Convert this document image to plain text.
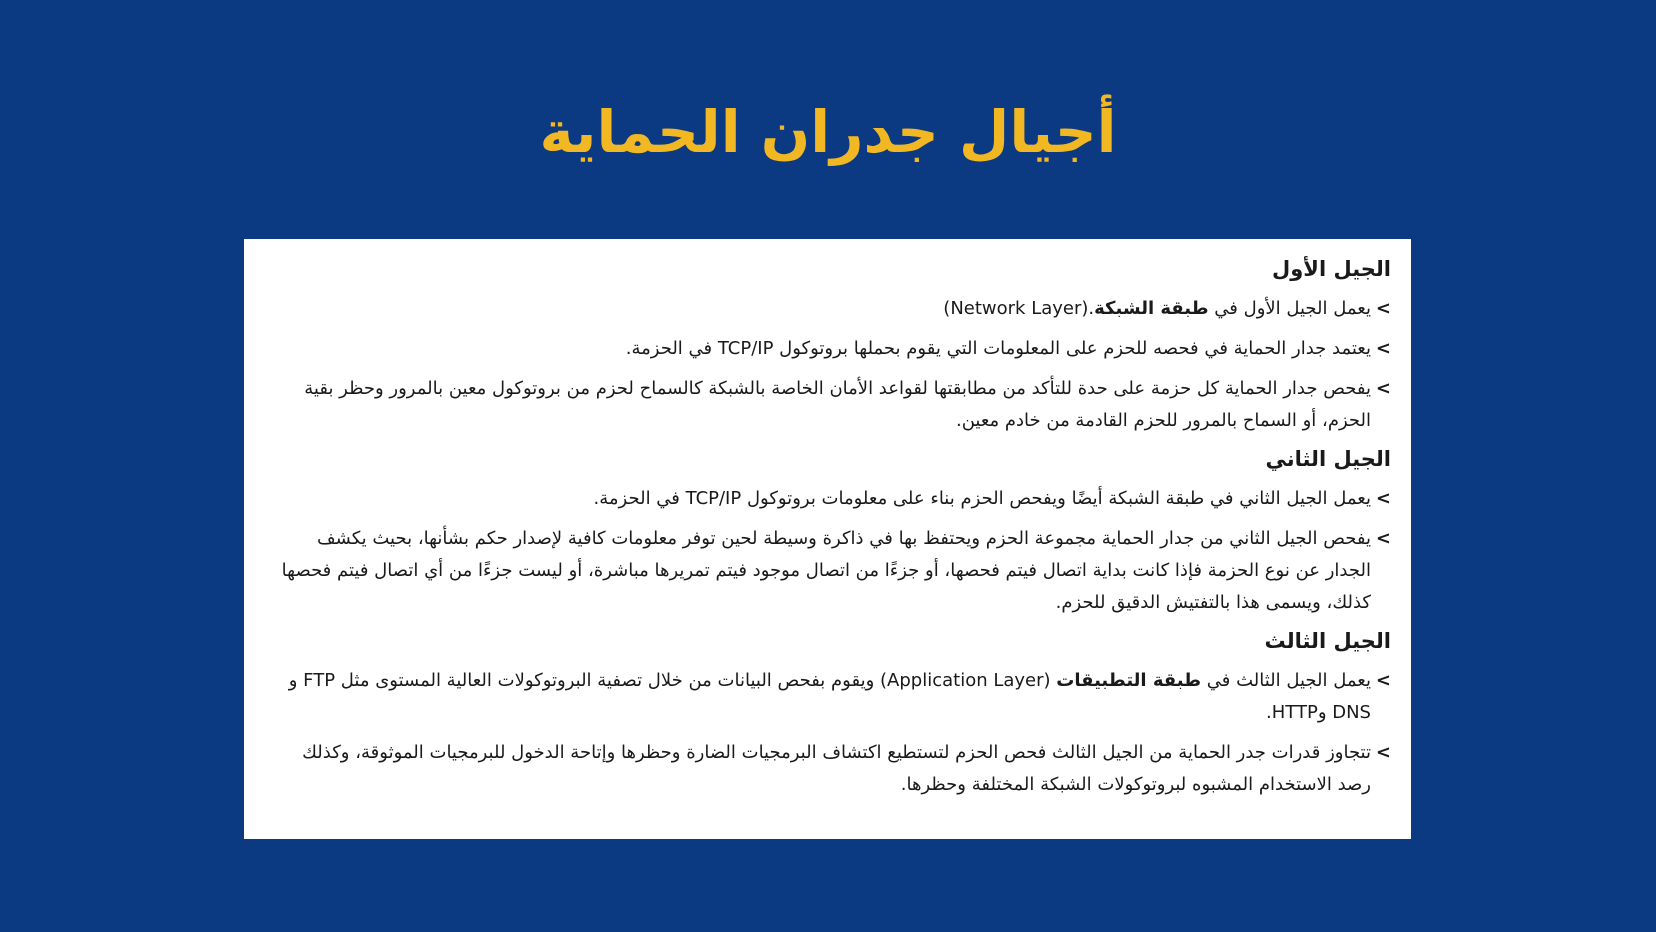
أجيال جدران الحماية
الجيل الأول
>
يعمل الجيل الأول في طبقة الشبكة (Network Layer).
>
يعتمد جدار الحماية في فحصه للحزم على المعلومات التي يقوم بحملها بروتوكول TCP/IP في الحزمة.
>
يفحص جدار الحماية كل حزمة على حدة للتأكد من مطابقتها لقواعد الأمان الخاصة بالشبكة كالسماح لحزم من بروتوكول معين بالمرور وحظر بقية الحزم، أو السماح بالمرور للحزم القادمة من خادم معين.
الجيل الثاني
>
يعمل الجيل الثاني في طبقة الشبكة أيضًا ويفحص الحزم بناء على معلومات بروتوكول TCP/IP في الحزمة.
>
يفحص الجيل الثاني من جدار الحماية مجموعة الحزم ويحتفظ بها في ذاكرة وسيطة لحين توفر معلومات كافية لإصدار حكم بشأنها، بحيث يكشف الجدار عن نوع الحزمة فإذا كانت بداية اتصال فيتم فحصها، أو جزءًا من اتصال موجود فيتم تمريرها مباشرة، أو ليست جزءًا من أي اتصال فيتم فحصها كذلك، ويسمى هذا بالتفتيش الدقيق للحزم.
الجيل الثالث
>
يعمل الجيل الثالث في طبقة التطبيقات (Application Layer) ويقوم بفحص البيانات من خلال تصفية البروتوكولات العالية المستوى مثل FTP و DNS وHTTP.
>
تتجاوز قدرات جدر الحماية من الجيل الثالث فحص الحزم لتستطيع اكتشاف البرمجيات الضارة وحظرها وإتاحة الدخول للبرمجيات الموثوقة، وكذلك رصد الاستخدام المشبوه لبروتوكولات الشبكة المختلفة وحظرها.
